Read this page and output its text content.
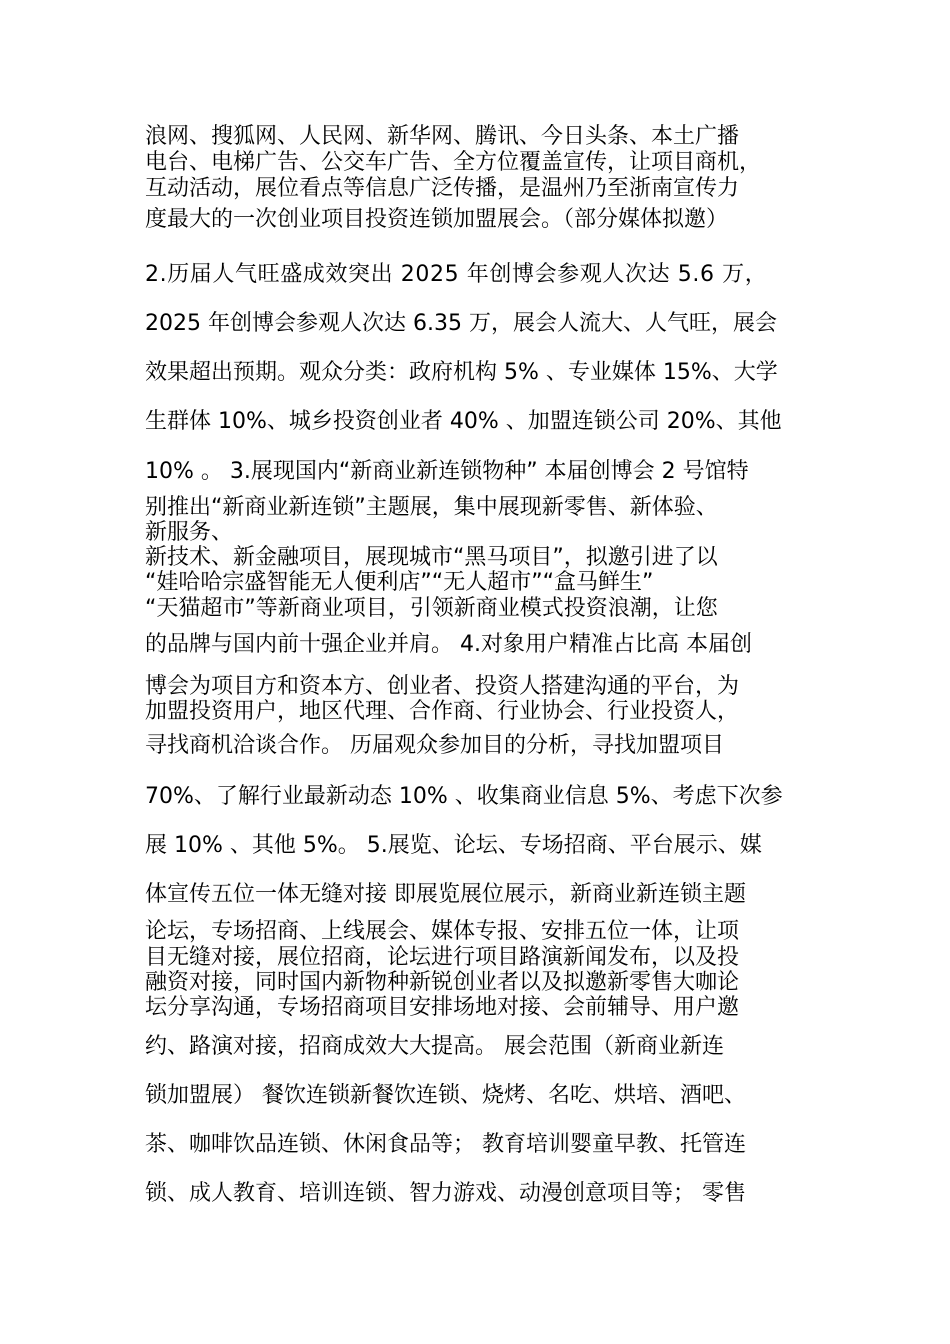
浪网、搜狐网、人民网、新华网、腾讯、今日头条、本土广播
电台、电梯广告、公交车广告、全方位覆盖宣传，让项目商机，
互动活动，展位看点等信息广泛传播，是温州乃至浙南宣传力
度最大的一次创业项目投资连锁加盟展会。（部分媒体拟邀）
2.历届人气旺盛成效突出 2025 年创博会参观人次达 5.6 万，
2025 年创博会参观人次达 6.35 万，展会人流大、人气旺，展会
效果超出预期。观众分类：政府机构 5% 、专业媒体 15%、大学
生群体 10%、城乡投资创业者 40% 、加盟连锁公司 20%、其他
10% 。 3.展现国内“新商业新连锁物种” 本届创博会 2 号馆特
别推出“新商业新连锁”主题展，集中展现新零售、新体验、
新服务、
新技术、新金融项目，展现城市“黑马项目”，拟邀引进了以
“娃哈哈宗盛智能无人便利店”“无人超市”“盒马鲜生”
“天猫超市”等新商业项目，引领新商业模式投资浪潮，让您
的品牌与国内前十强企业并肩。 4.对象用户精准占比高 本届创
博会为项目方和资本方、创业者、投资人搭建沟通的平台，为
加盟投资用户，地区代理、合作商、行业协会、行业投资人，
寻找商机洽谈合作。 历届观众参加目的分析，寻找加盟项目
70%、了解行业最新动态 10% 、收集商业信息 5%、考虑下次参
展 10% 、其他 5%。 5.展览、论坛、专场招商、平台展示、媒
体宣传五位一体无缝对接 即展览展位展示，新商业新连锁主题
论坛，专场招商、上线展会、媒体专报、安排五位一体，让项
目无缝对接，展位招商，论坛进行项目路演新闻发布，以及投
融资对接，同时国内新物种新锐创业者以及拟邀新零售大咖论
坛分享沟通，专场招商项目安排场地对接、会前辅导、用户邀
约、路演对接，招商成效大大提高。 展会范围（新商业新连
锁加盟展） 餐饮连锁新餐饮连锁、烧烤、名吃、烘培、酒吧、
茶、咖啡饮品连锁、休闲食品等； 教育培训婴童早教、托管连
锁、成人教育、培训连锁、智力游戏、动漫创意项目等； 零售
